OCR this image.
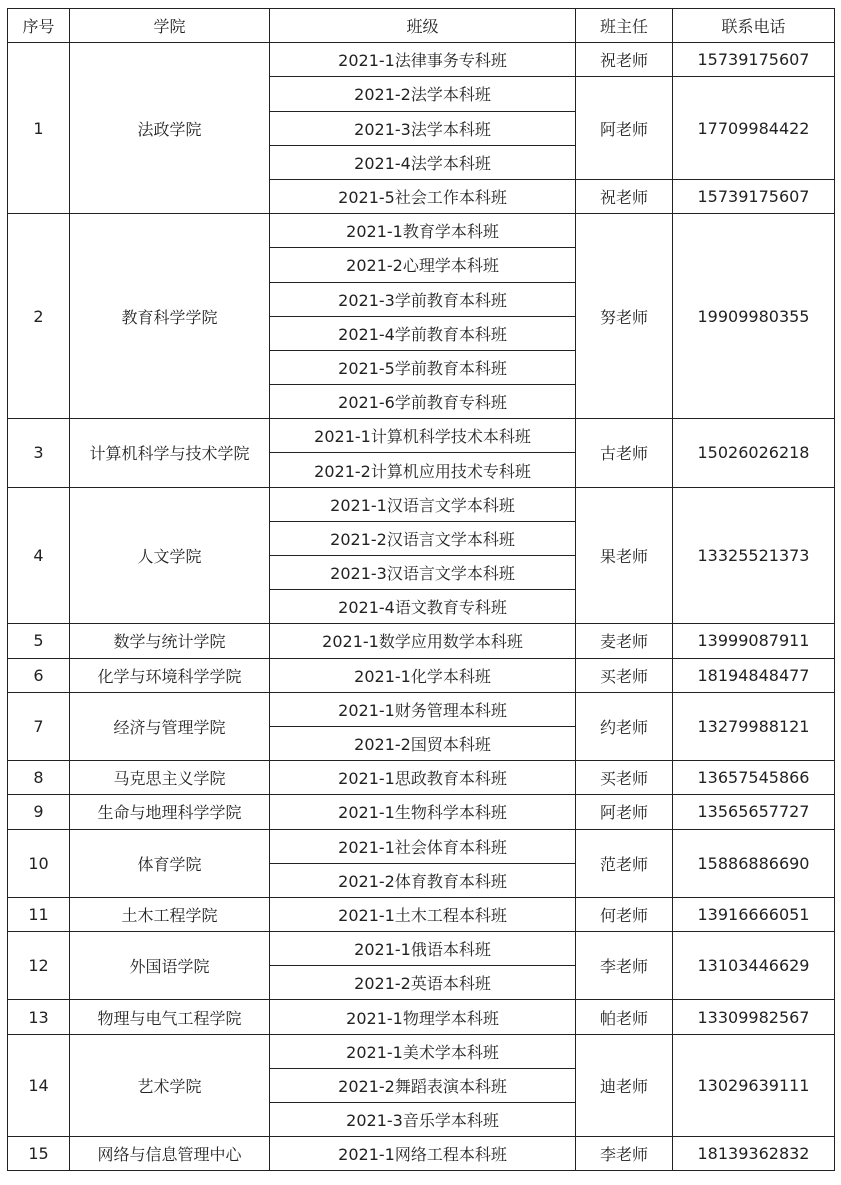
序号	学院	班级	班主任	联系电话
1	法政学院	2021-1法律事务专科班	祝老师	15739175607
		2021-2法学本科班	阿老师	17709984422
		2021-3法学本科班		
		2021-4法学本科班		
		2021-5社会工作本科班	祝老师	15739175607
2	教育科学学院	2021-1教育学本科班	努老师	19909980355
		2021-2心理学本科班		
		2021-3学前教育本科班		
		2021-4学前教育本科班		
		2021-5学前教育本科班		
		2021-6学前教育专科班		
3	计算机科学与技术学院	2021-1计算机科学技术本科班	古老师	15026026218
		2021-2计算机应用技术专科班		
4	人文学院	2021-1汉语言文学本科班	果老师	13325521373
		2021-2汉语言文学本科班		
		2021-3汉语言文学本科班		
		2021-4语文教育专科班		
5	数学与统计学院	2021-1数学应用数学本科班	麦老师	13999087911
6	化学与环境科学学院	2021-1化学本科班	买老师	18194848477
7	经济与管理学院	2021-1财务管理本科班	约老师	13279988121
		2021-2国贸本科班		
8	马克思主义学院	2021-1思政教育本科班	买老师	13657545866
9	生命与地理科学学院	2021-1生物科学本科班	阿老师	13565657727
10	体育学院	2021-1社会体育本科班	范老师	15886886690
		2021-2体育教育本科班		
11	土木工程学院	2021-1土木工程本科班	何老师	13916666051
12	外国语学院	2021-1俄语本科班	李老师	13103446629
		2021-2英语本科班		
13	物理与电气工程学院	2021-1物理学本科班	帕老师	13309982567
14	艺术学院	2021-1美术学本科班	迪老师	13029639111
		2021-2舞蹈表演本科班		
		2021-3音乐学本科班		
15	网络与信息管理中心	2021-1网络工程本科班	李老师	18139362832
